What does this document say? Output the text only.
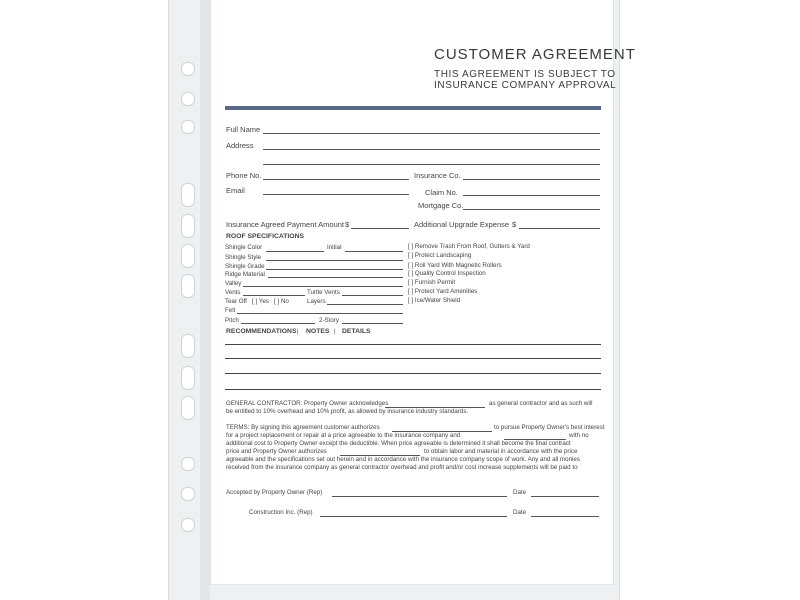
CUSTOMER AGREEMENT
THIS AGREEMENT IS SUBJECT TO
INSURANCE COMPANY APPROVAL
Full Name
Address
Phone No.	Insurance Co.
Email	Claim No.
Mortgage Co.
Insurance Agreed Payment Amount $	Additional Upgrade Expense $
ROOF SPECIFICATIONS
Shingle Color	Initial
Shingle Style
Shingle Grade
Ridge Material
Valley
Vents	Turtle Vents
Tear Off [ ] Yes [ ] No	Layers
Felt
Pitch	2-Story
[ ] Remove Trash From Roof, Gutters & Yard
[ ] Protect Landscaping
[ ] Roll Yard With Magnetic Rollers
[ ] Quality Control Inspection
[ ] Furnish Permit
[ ] Protect Yard Amenities
[ ] Ice/Water Shield
RECOMMENDATIONS | NOTES | DETAILS
GENERAL CONTRACTOR: Property Owner acknowledges	as general contractor and as such will
be entitled to 10% overhead and 10% profit, as allowed by insurance industry standards.
TERMS: By signing this agreement customer authorizes	to pursue Property Owner's best interest
for a project replacement or repair at a price agreeable to the insurance company and	with no
additional cost to Property Owner except the deductible. When price agreeable is determined it shall become the final contract
price and Property Owner authorizes	to obtain labor and material in accordance with the price
agreeable and the specifications set out herein and in accordance with the insurance company scope of work. Any and all monies
received from the insurance company as general contractor overhead and profit and/or cost increase supplements will be paid to
Accepted by Property Owner (Rep)	Date
Construction Inc. (Rep)	Date
